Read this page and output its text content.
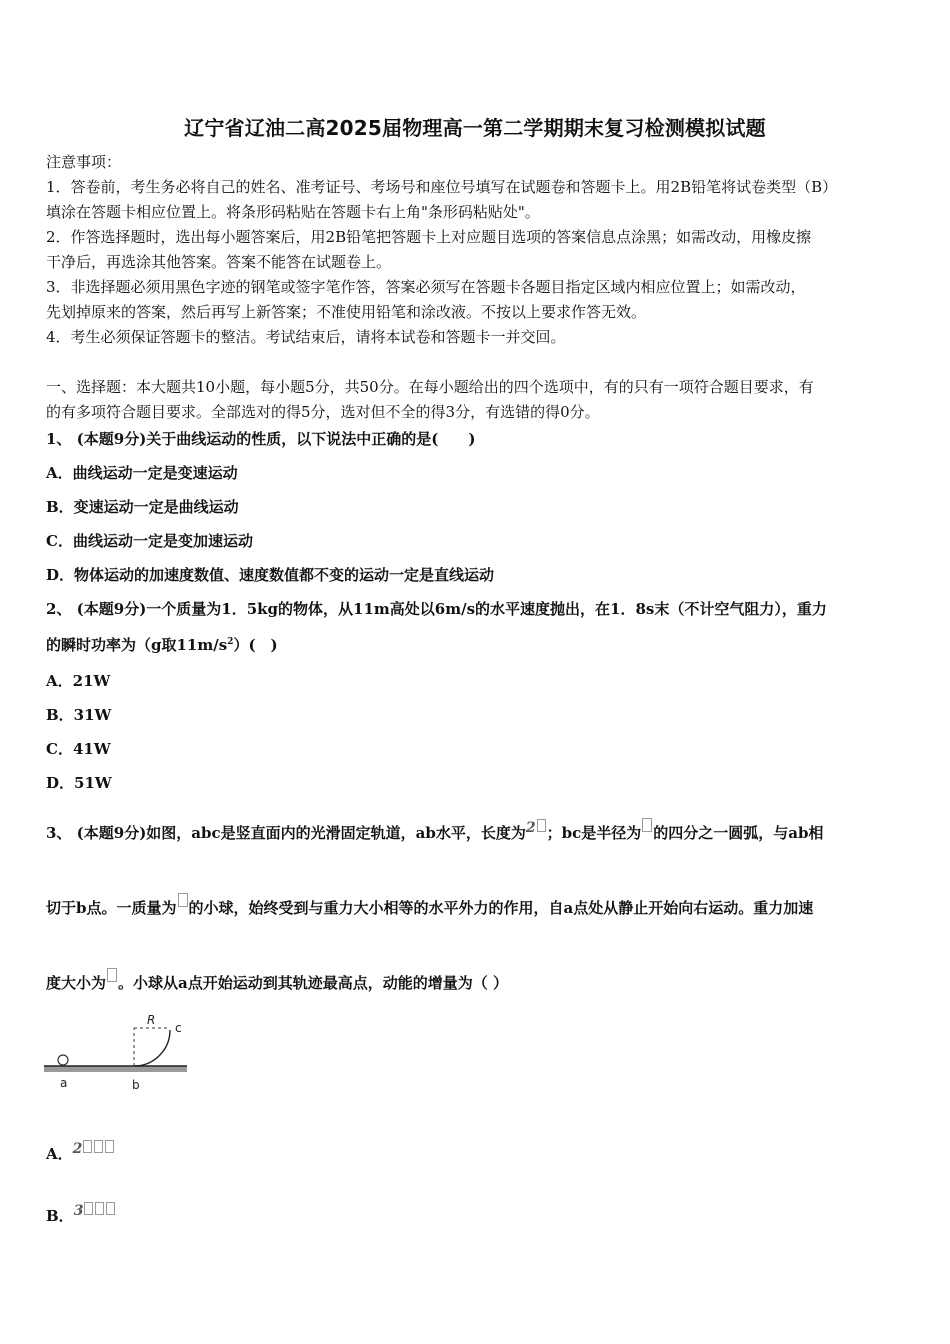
辽宁省辽油二高2025届物理高一第二学期期末复习检测模拟试题
注意事项：
1．答卷前，考生务必将自己的姓名、准考证号、考场号和座位号填写在试题卷和答题卡上。用2B铅笔将试卷类型（B）
填涂在答题卡相应位置上。将条形码粘贴在答题卡右上角"条形码粘贴处"。
2．作答选择题时，选出每小题答案后，用2B铅笔把答题卡上对应题目选项的答案信息点涂黑；如需改动，用橡皮擦
干净后，再选涂其他答案。答案不能答在试题卷上。
3．非选择题必须用黑色字迹的钢笔或签字笔作答，答案必须写在答题卡各题目指定区域内相应位置上；如需改动，
先划掉原来的答案，然后再写上新答案；不准使用铅笔和涂改液。不按以上要求作答无效。
4．考生必须保证答题卡的整洁。考试结束后，请将本试卷和答题卡一并交回。
一、选择题：本大题共10小题，每小题5分，共50分。在每小题给出的四个选项中，有的只有一项符合题目要求，有
的有多项符合题目要求。全部选对的得5分，选对但不全的得3分，有选错的得0分。
1、 (本题9分)关于曲线运动的性质，以下说法中正确的是(　　)
A．曲线运动一定是变速运动
B．变速运动一定是曲线运动
C．曲线运动一定是变加速运动
D．物体运动的加速度数值、速度数值都不变的运动一定是直线运动
2、 (本题9分)一个质量为1．5kg的物体，从11m高处以6m/s的水平速度抛出，在1．8s末（不计空气阻力），重力
的瞬时功率为（g取$11m/s^2$）(　)
A．21W
B．31W
C．41W
D．51W
3、 (本题9分)如图，abc是竖直面内的光滑固定轨道，ab水平，长度为2 ；bc是半径为 的四分之一圆弧，与ab相
切于b点。一质量为 的小球，始终受到与重力大小相等的水平外力的作用，自a点处从静止开始向右运动。重力加速
度大小为 。小球从a点开始运动到其轨迹最高点，动能的增量为（ ）
R
c
a	b
A．2
B．3
